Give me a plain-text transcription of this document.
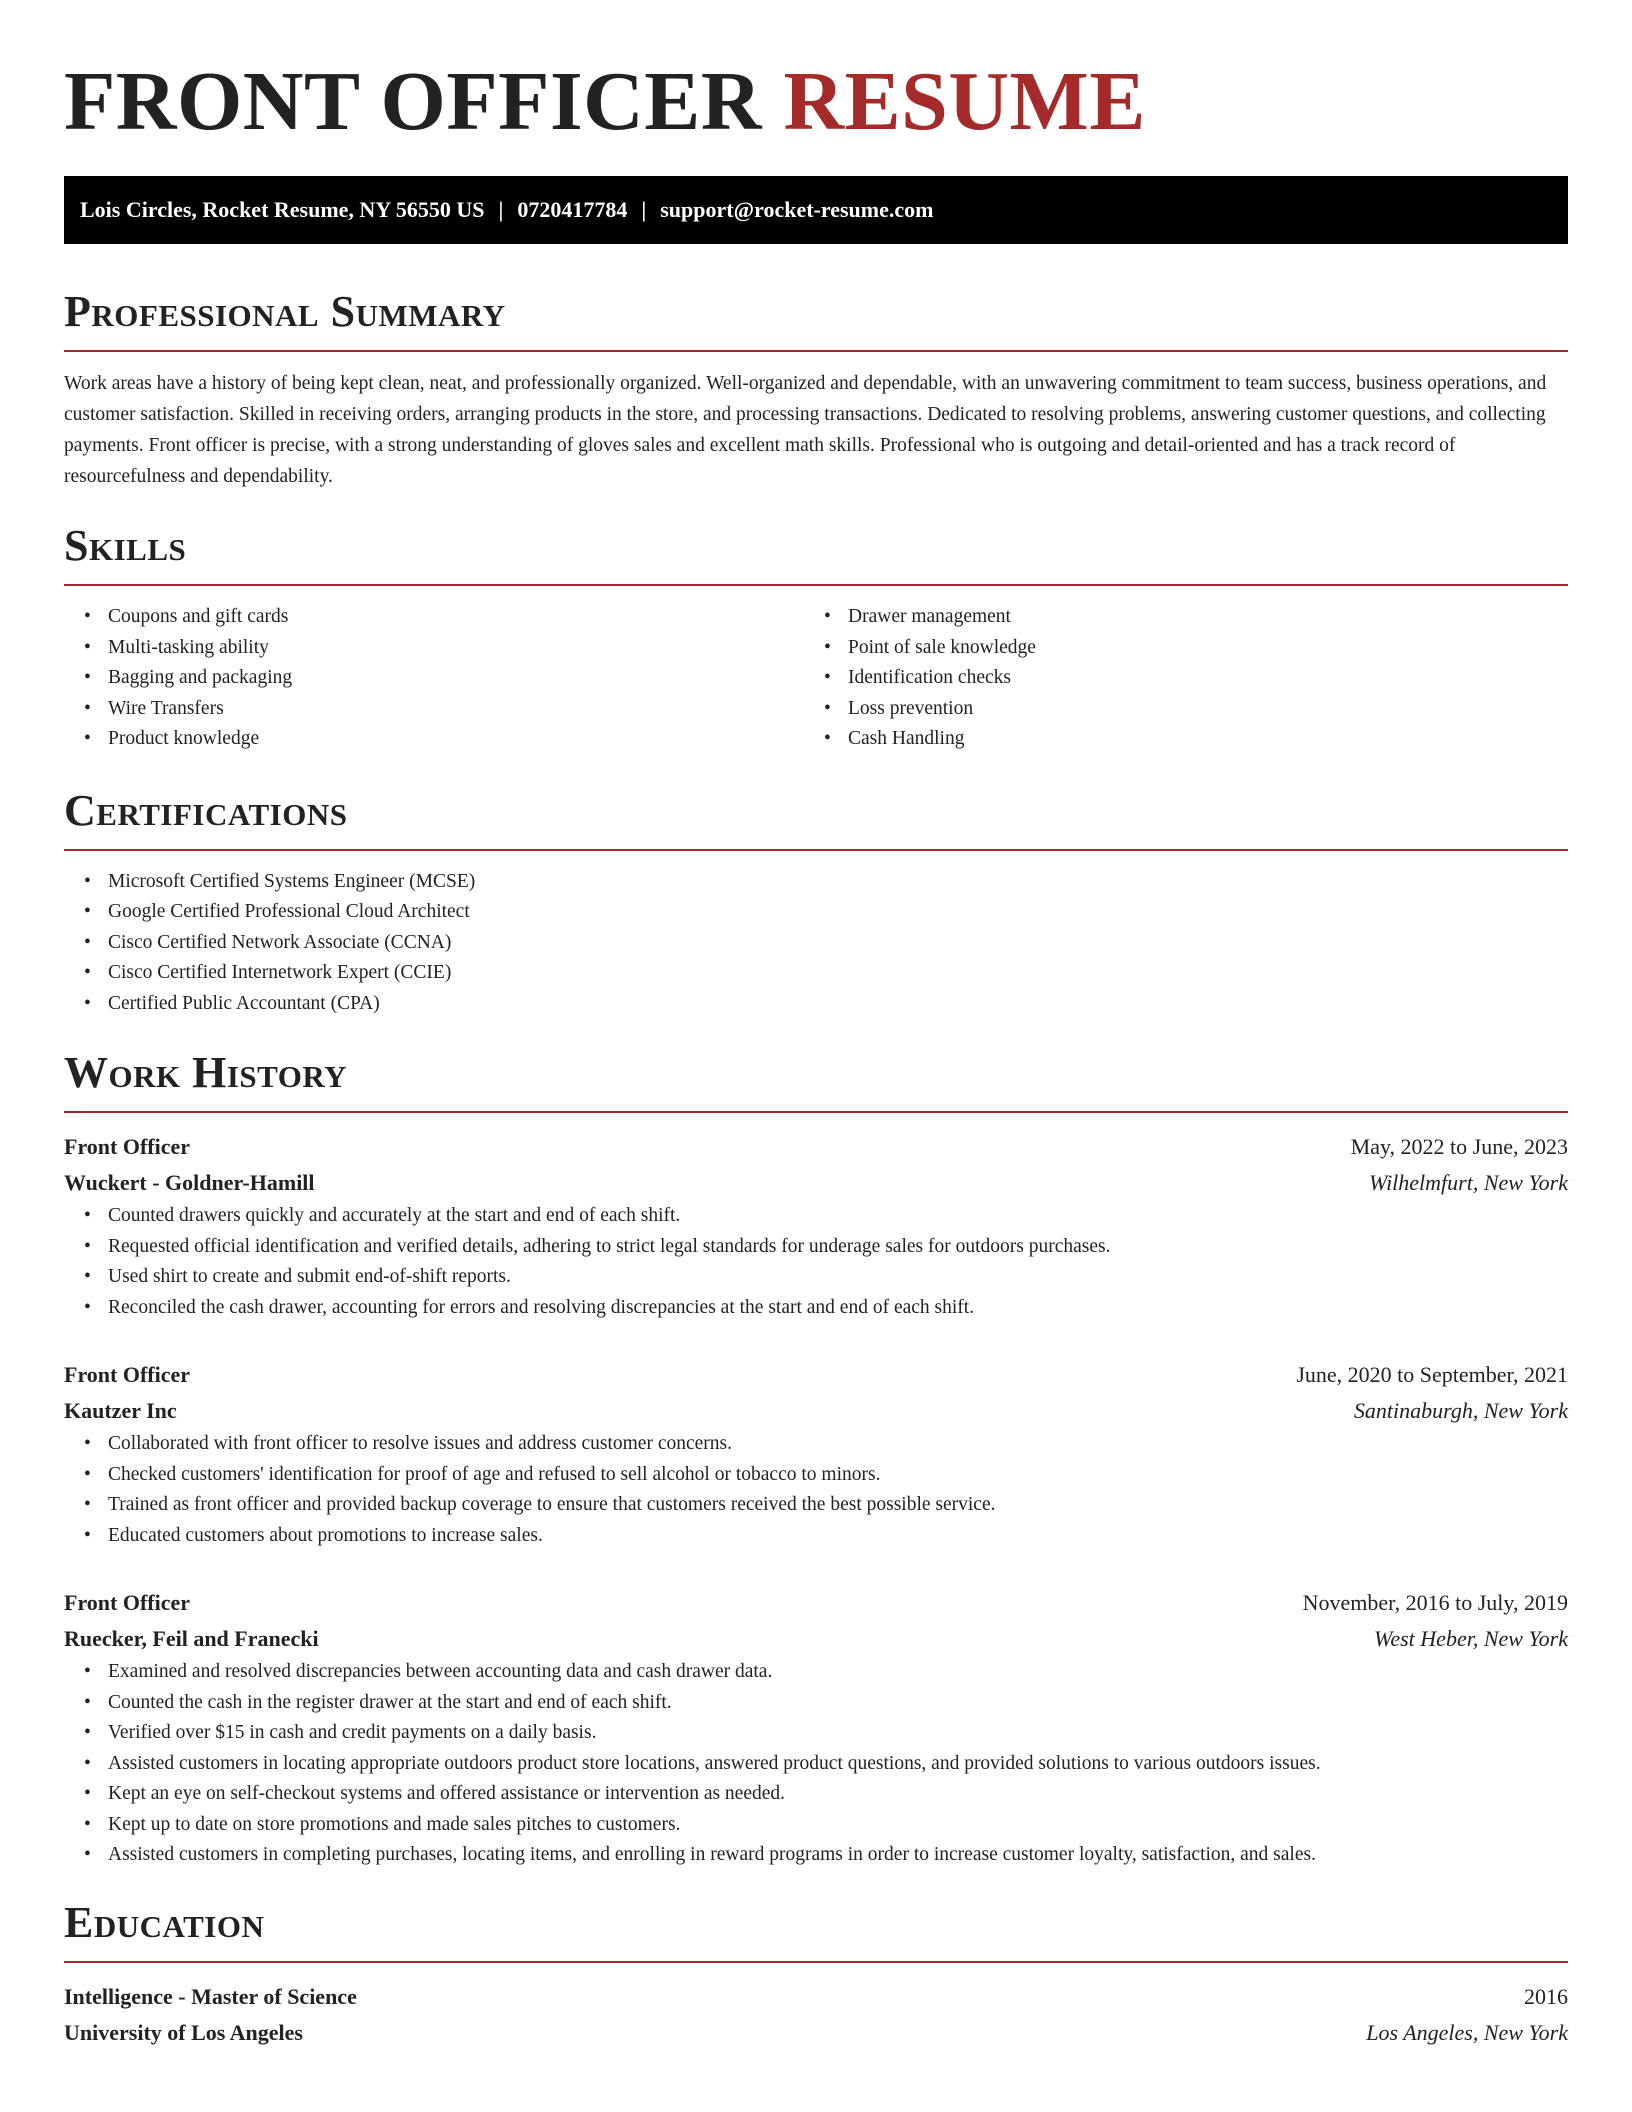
FRONT OFFICER RESUME
Lois Circles, Rocket Resume, NY 56550 US | 0720417784 | support@rocket-resume.com
Professional Summary

Work areas have a history of being kept clean, neat, and professionally organized. Well-organized and dependable, with an unwavering commitment to team success, business operations, and customer satisfaction. Skilled in receiving orders, arranging products in the store, and processing transactions. Dedicated to resolving problems, answering customer questions, and collecting payments. Front officer is precise, with a strong understanding of gloves sales and excellent math skills. Professional who is outgoing and detail-oriented and has a track record of resourcefulness and dependability.

Skills
• Coupons and gift cards
• Multi-tasking ability
• Bagging and packaging
• Wire Transfers
• Product knowledge
• Drawer management
• Point of sale knowledge
• Identification checks
• Loss prevention
• Cash Handling
Certifications
• Microsoft Certified Systems Engineer (MCSE)
• Google Certified Professional Cloud Architect
• Cisco Certified Network Associate (CCNA)
• Cisco Certified Internetwork Expert (CCIE)
• Certified Public Accountant (CPA)
Work History
Front Officer	May, 2022 to June, 2023
Wuckert - Goldner-Hamill	Wilhelmfurt, New York
• Counted drawers quickly and accurately at the start and end of each shift.
• Requested official identification and verified details, adhering to strict legal standards for underage sales for outdoors purchases.
• Used shirt to create and submit end-of-shift reports.
• Reconciled the cash drawer, accounting for errors and resolving discrepancies at the start and end of each shift.
Front Officer	June, 2020 to September, 2021
Kautzer Inc	Santinaburgh, New York
• Collaborated with front officer to resolve issues and address customer concerns.
• Checked customers' identification for proof of age and refused to sell alcohol or tobacco to minors.
• Trained as front officer and provided backup coverage to ensure that customers received the best possible service.
• Educated customers about promotions to increase sales.
Front Officer	November, 2016 to July, 2019
Ruecker, Feil and Franecki	West Heber, New York
• Examined and resolved discrepancies between accounting data and cash drawer data.
• Counted the cash in the register drawer at the start and end of each shift.
• Verified over $15 in cash and credit payments on a daily basis.
• Assisted customers in locating appropriate outdoors product store locations, answered product questions, and provided solutions to various outdoors issues.
• Kept an eye on self-checkout systems and offered assistance or intervention as needed.
• Kept up to date on store promotions and made sales pitches to customers.
• Assisted customers in completing purchases, locating items, and enrolling in reward programs in order to increase customer loyalty, satisfaction, and sales.
Education
Intelligence - Master of Science	2016
University of Los Angeles	Los Angeles, New York
